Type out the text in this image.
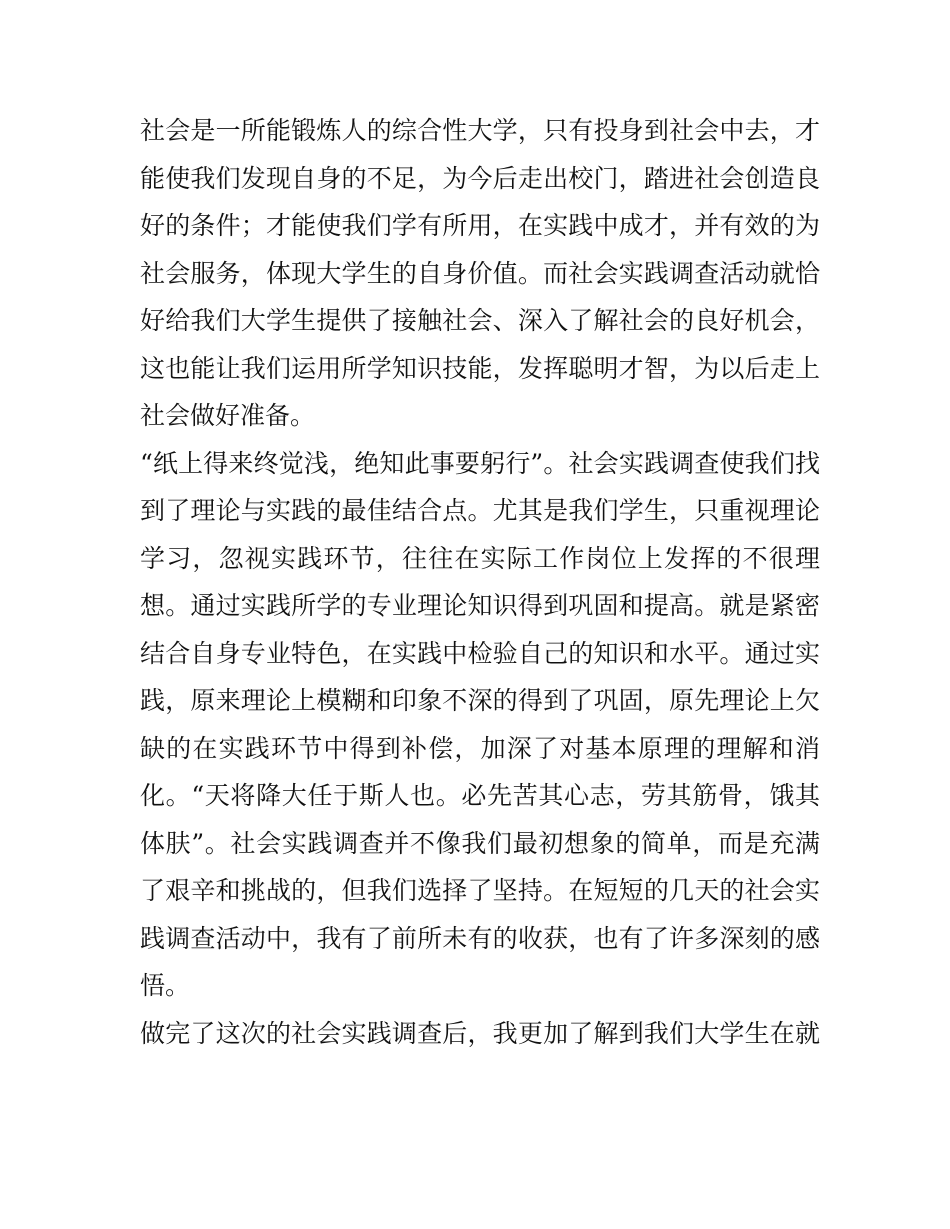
社会是一所能锻炼人的综合性大学，只有投身到社会中去，才
能使我们发现自身的不足，为今后走出校门，踏进社会创造良
好的条件；才能使我们学有所用，在实践中成才，并有效的为
社会服务，体现大学生的自身价值。而社会实践调查活动就恰
好给我们大学生提供了接触社会、深入了解社会的良好机会，
这也能让我们运用所学知识技能，发挥聪明才智，为以后走上
社会做好准备。
“纸上得来终觉浅，绝知此事要躬行”。社会实践调查使我们找
到了理论与实践的最佳结合点。尤其是我们学生，只重视理论
学习，忽视实践环节，往往在实际工作岗位上发挥的不很理
想。通过实践所学的专业理论知识得到巩固和提高。就是紧密
结合自身专业特色，在实践中检验自己的知识和水平。通过实
践，原来理论上模糊和印象不深的得到了巩固，原先理论上欠
缺的在实践环节中得到补偿，加深了对基本原理的理解和消
化。“天将降大任于斯人也。必先苦其心志，劳其筋骨，饿其
体肤”。社会实践调查并不像我们最初想象的简单，而是充满
了艰辛和挑战的，但我们选择了坚持。在短短的几天的社会实
践调查活动中，我有了前所未有的收获，也有了许多深刻的感
悟。
做完了这次的社会实践调查后，我更加了解到我们大学生在就
